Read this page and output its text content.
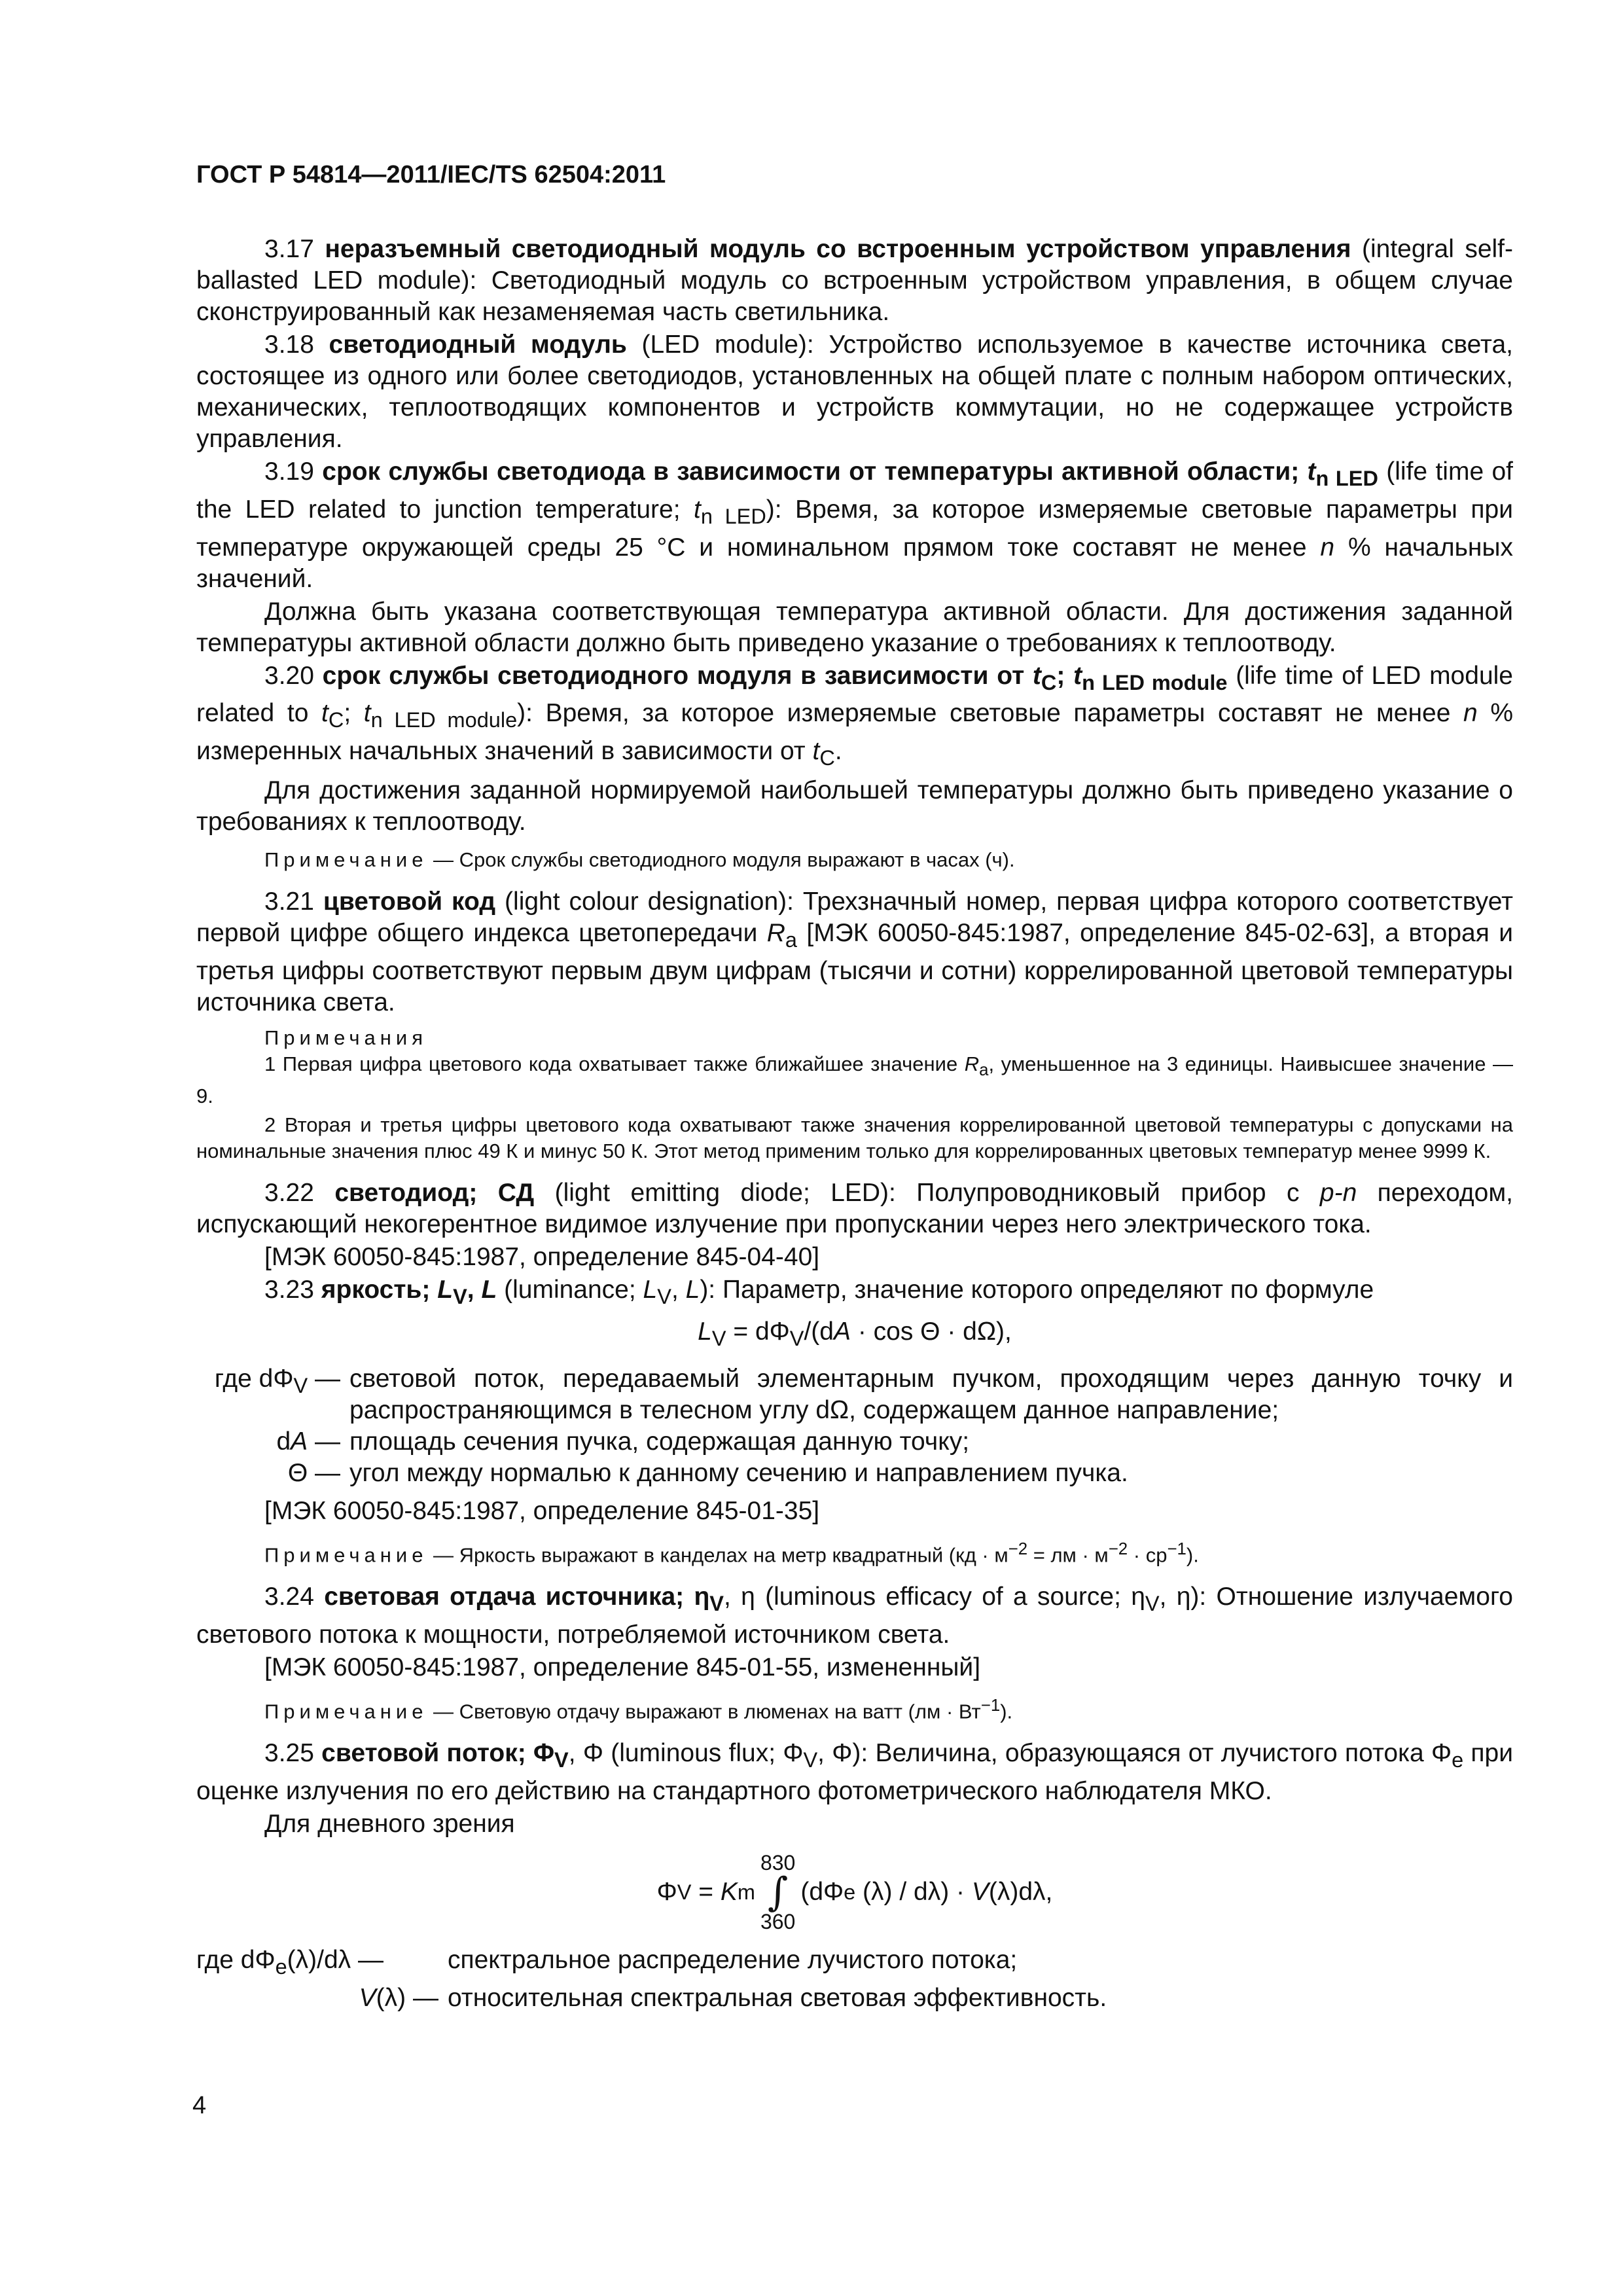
ГОСТ Р 54814—2011/IEC/TS 62504:2011

3.17 неразъемный светодиодный модуль со встроенным устройством управления (integral self-ballasted LED module): Светодиодный модуль со встроенным устройством управления, в общем случае сконструированный как незаменяемая часть светильника.

3.18 светодиодный модуль (LED module): Устройство используемое в качестве источника света, состоящее из одного или более светодиодов, установленных на общей плате с полным набором оптических, механических, теплоотводящих компонентов и устройств коммутации, но не содержащее устройств управления.

3.19 срок службы светодиода в зависимости от температуры активной области; $t_{n LED}$ (life time of the LED related to junction temperature; $t_{n LED}$): Время, за которое измеряемые световые параметры при температуре окружающей среды 25 °С и номинальном прямом токе составят не менее n % начальных значений.

Должна быть указана соответствующая температура активной области. Для достижения заданной температуры активной области должно быть приведено указание о требованиях к теплоотводу.

3.20 срок службы светодиодного модуля в зависимости от $t_C$; $t_{n LED module}$ (life time of LED module related to $t_C$; $t_{n LED module}$): Время, за которое измеряемые световые параметры составят не менее n % измеренных начальных значений в зависимости от $t_C$.

Для достижения заданной нормируемой наибольшей температуры должно быть приведено указание о требованиях к теплоотводу.

Примечание — Срок службы светодиодного модуля выражают в часах (ч).

3.21 цветовой код (light colour designation): Трехзначный номер, первая цифра которого соответствует первой цифре общего индекса цветопередачи $R_a$ [МЭК 60050-845:1987, определение 845-02-63], а вторая и третья цифры соответствуют первым двум цифрам (тысячи и сотни) коррелированной цветовой температуры источника света.

Примечания

1 Первая цифра цветового кода охватывает также ближайшее значение $R_a$, уменьшенное на 3 единицы. Наивысшее значение — 9.

2 Вторая и третья цифры цветового кода охватывают также значения коррелированной цветовой температуры с допусками на номинальные значения плюс 49 К и минус 50 К. Этот метод применим только для коррелированных цветовых температур менее 9999 К.

3.22 светодиод; СД (light emitting diode; LED): Полупроводниковый прибор с p-n переходом, испускающий некогерентное видимое излучение при пропускании через него электрического тока.

[МЭК 60050-845:1987, определение 845-04-40]

3.23 яркость; $L_V$, L (luminance; $L_V$, L): Параметр, значение которого определяют по формуле

$L_V = d\Phi_V/(dA \cdot \cos \Theta \cdot d\Omega)$,
где $d\Phi_V$ — световой поток, передаваемый элементарным пучком, проходящим через данную точку и распространяющимся в телесном углу dΩ, содержащем данное направление;
dA — площадь сечения пучка, содержащая данную точку;
Θ — угол между нормалью к данному сечению и направлением пучка.

[МЭК 60050-845:1987, определение 845-01-35]

Примечание — Яркость выражают в канделах на метр квадратный ($кд \cdot м^{-2}$ = лм · $м^{-2} \cdot ср^{-1}$).

3.24 световая отдача источника; $\eta_V$, η (luminous efficacy of a source; $\eta_V$, η): Отношение излучаемого светового потока к мощности, потребляемой источником света.

[МЭК 60050-845:1987, определение 845-01-55, измененный]

Примечание — Световую отдачу выражают в люменах на ватт $(лм \cdot Вт^{-1})$.

3.25 световой поток; $\Phi_V$, Φ (luminous flux; $\Phi_V$, Φ): Величина, образующаяся от лучистого потока $\Phi_e$ при оценке излучения по его действию на стандартного фотометрического наблюдателя МКО.

Для дневного зрения

Φ V = K m
830
∫
360
(dΦ e (λ) / dλ) · V (λ)dλ,
где $d\Phi_e(\lambda)/d\lambda$ —	спектральное распределение лучистого потока;
V(λ) — относительная спектральная световая эффективность.
4
